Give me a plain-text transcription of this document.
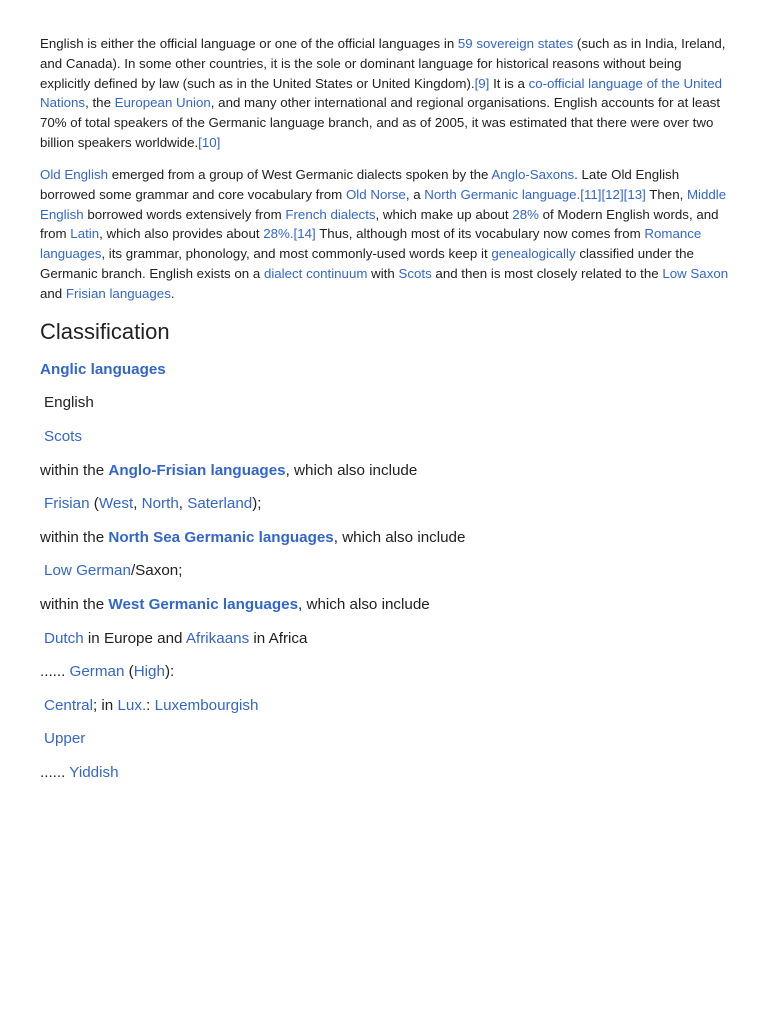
English is either the official language or one of the official languages in 59 sovereign states (such as in India, Ireland, and Canada). In some other countries, it is the sole or dominant language for historical reasons without being explicitly defined by law (such as in the United States or United Kingdom).[9] It is a co-official language of the United Nations, the European Union, and many other international and regional organisations. English accounts for at least 70% of total speakers of the Germanic language branch, and as of 2005, it was estimated that there were over two billion speakers worldwide.[10]

Old English emerged from a group of West Germanic dialects spoken by the Anglo-Saxons. Late Old English borrowed some grammar and core vocabulary from Old Norse, a North Germanic language.[11][12][13] Then, Middle English borrowed words extensively from French dialects, which make up about 28% of Modern English words, and from Latin, which also provides about 28%.[14] Thus, although most of its vocabulary now comes from Romance languages, its grammar, phonology, and most commonly-used words keep it genealogically classified under the Germanic branch. English exists on a dialect continuum with Scots and then is most closely related to the Low Saxon and Frisian languages.

Classification
Anglic languages
English
Scots
within the Anglo-Frisian languages, which also include
Frisian (West, North, Saterland);
within the North Sea Germanic languages, which also include
Low German/Saxon;
within the West Germanic languages, which also include
Dutch in Europe and Afrikaans in Africa
...... German (High):
Central; in Lux.: Luxembourgish
Upper
...... Yiddish
